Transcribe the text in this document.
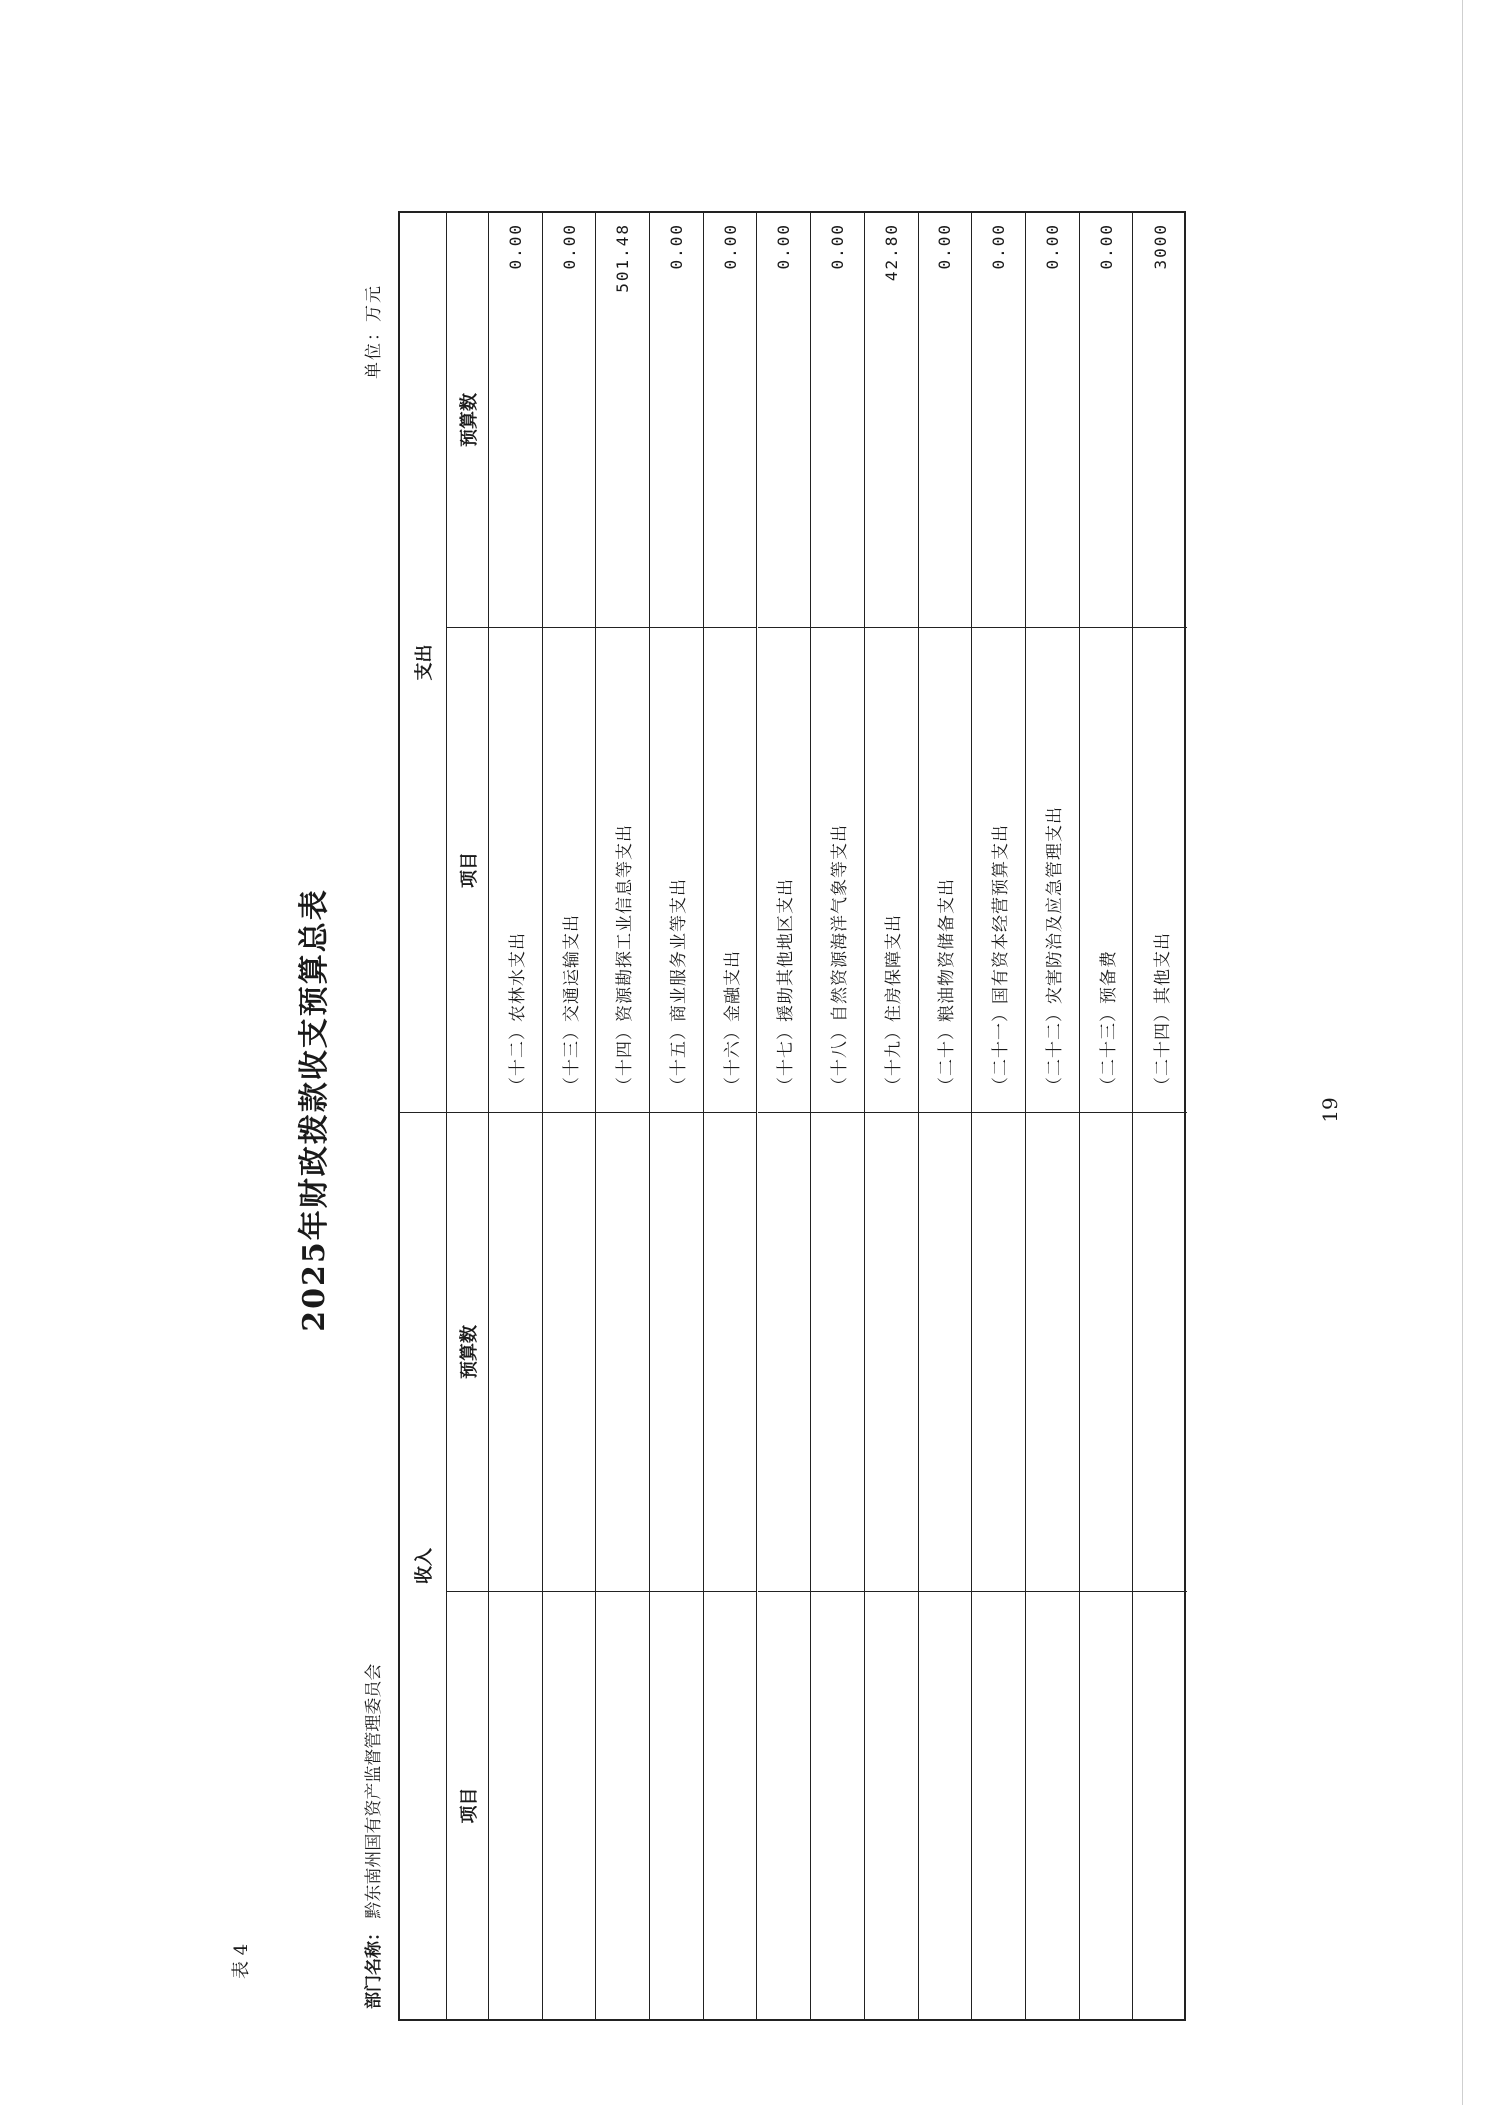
表 4
2025年财政拨款收支预算总表
部门名称： 黔东南州国有资产监督管理委员会
单位：万元
收入
支出
项目
预算数
项目
预算数
（十二）农林水支出
0.00
（十三）交通运输支出
0.00
（十四）资源勘探工业信息等支出
501.48
（十五）商业服务业等支出
0.00
（十六）金融支出
0.00
（十七）援助其他地区支出
0.00
（十八）自然资源海洋气象等支出
0.00
（十九）住房保障支出
42.80
（二十）粮油物资储备支出
0.00
（二十一）国有资本经营预算支出
0.00
（二十二）灾害防治及应急管理支出
0.00
（二十三）预备费
0.00
（二十四）其他支出
3000
19
